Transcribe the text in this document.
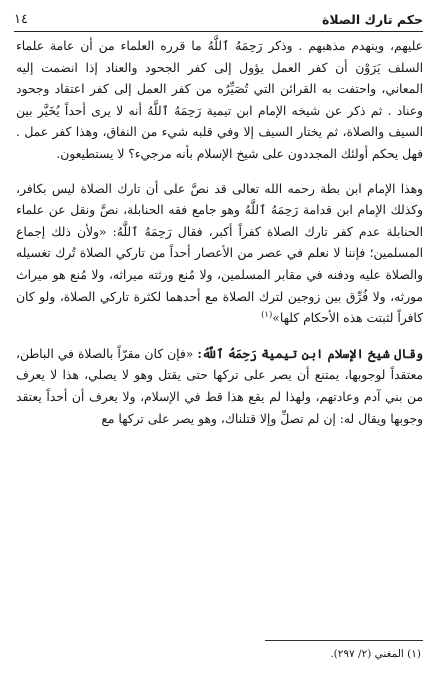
حكم تارك الصلاة
١٤

عليهم، وينهدم مذهبهم . وذكر رَحِمَهُ ٱللَّهُ ما قرره العلماء من أن عامة علماء السلف يَرَوْن أن كفر العمل يؤول إلى كفر الجحود والعناد إذا انضمت إليه المعاني، واحتفت به القرائن التي تُصَيِّرُه من كفر العمل إلى كفر اعتقاد وجحود وعناد . ثم ذكر عن شيخه الإمام ابن تيمية رَحِمَهُ ٱللَّهُ أنه لا يرى أحداً يُخَيَّر بين السيف والصلاة، ثم يختار السيف إلا وفي قلبه شيء من النفاق، وهذا كفر عمل . فهل يحكم أولئك المجددون على شيخ الإسلام بأنه مرجيء؟ لا يستطيعون.

وهذا الإمام ابن بطة رحمه الله تعالى قد نصَّ على أن تارك الصلاة ليس بكافر، وكذلك الإمام ابن قدامة رَحِمَهُ ٱللَّهُ وهو جامع فقه الحنابلة، نصَّ ونقل عن علماء الحنابلة عدم كفر تارك الصلاة كفراً أكبر، فقال رَحِمَهُ ٱللَّهُ: «ولأن ذلك إجماع المسلمين؛ فإننا لا نعلم في عصر من الأعصار أحداً من تاركي الصلاة تُرك تغسيله والصلاة عليه ودفنه في مقابر المسلمين، ولا مُنع ورثته ميراثه، ولا مُنع هو ميراث مورثه، ولا فُرِّق بين زوجين لترك الصلاة مع أحدهما لكثرة تاركي الصلاة، ولو كان كافراً لثبتت هذه الأحكام كلها»$^{(١)}$

وقال شيخ الإسلام ابن تيمية رَحِمَهُ ٱللَّهُ: «فإن كان مقرّاً بالصلاة في الباطن، معتقداً لوجوبها، يمتنع أن يصر على تركها حتى يقتل وهو لا يصلي، هذا لا يعرف من بني آدم وعادتهم، ولهذا لم يقع هذا قط في الإسلام، ولا يعرف أن أحداً يعتقد وجوبها ويقال له: إن لم تصلِّ وإلا قتلناك، وهو يصر على تركها مع

(١) المغني (٢/ ٢٩٧).
